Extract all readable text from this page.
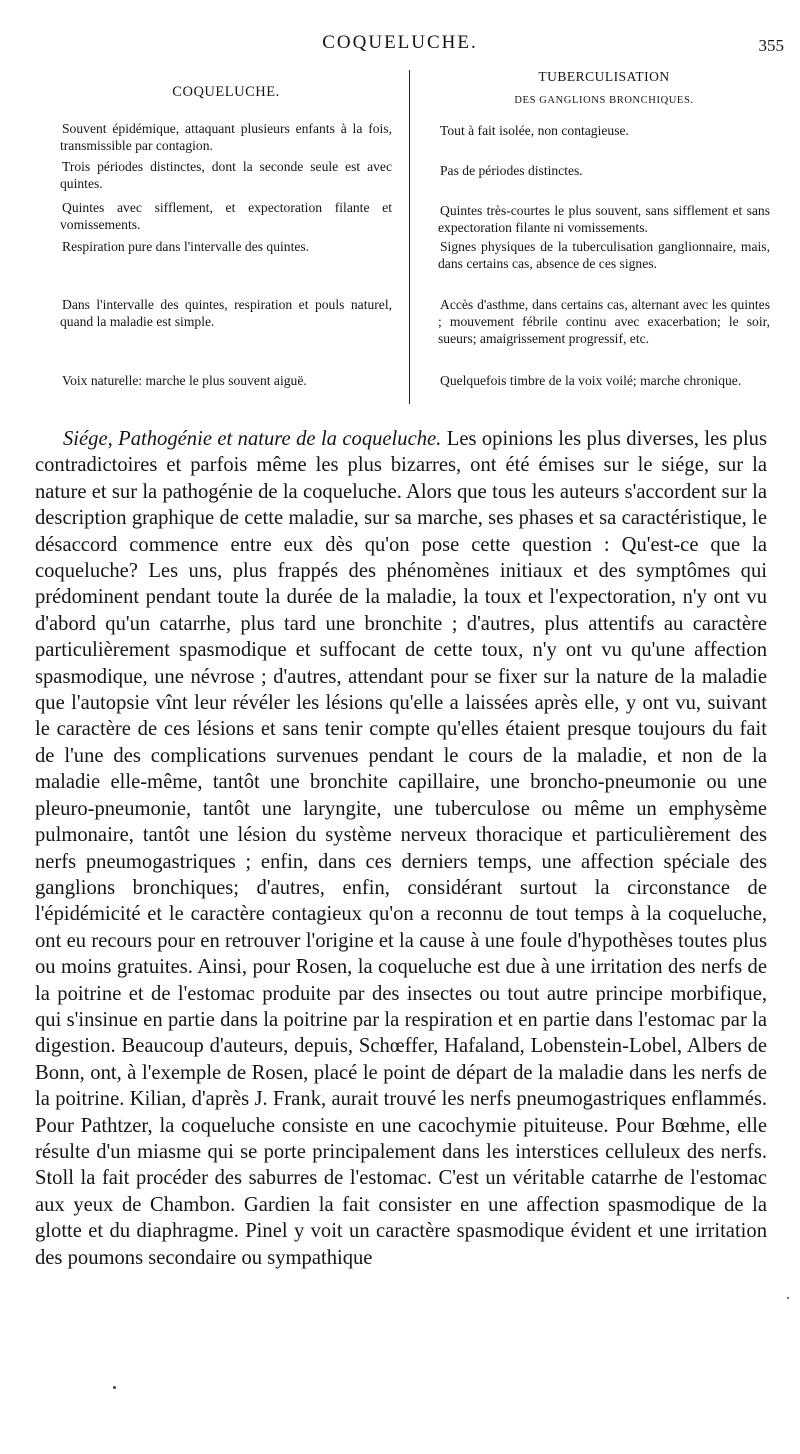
COQUELUCHE.	355
COQUELUCHE.

Souvent épidémique, attaquant plusieurs enfants à la fois, transmissible par contagion.

Trois périodes distinctes, dont la seconde seule est avec quintes.

Quintes avec sifflement, et expectoration filante et vomissements.

Respiration pure dans l'intervalle des quintes.

Dans l'intervalle des quintes, respiration et pouls naturel, quand la maladie est simple.

Voix naturelle: marche le plus souvent aiguë.

TUBERCULISATION
DES GANGLIONS BRONCHIQUES.

Tout à fait isolée, non contagieuse.

Pas de périodes distinctes.

Quintes très-courtes le plus souvent, sans sifflement et sans expectoration filante ni vomissements.

Signes physiques de la tuberculisation ganglionnaire, mais, dans certains cas, absence de ces signes.

Accès d'asthme, dans certains cas, alternant avec les quintes ; mouvement fébrile continu avec exacerbation; le soir, sueurs; amaigrissement progressif, etc.

Quelquefois timbre de la voix voilé; marche chronique.

Siége, Pathogénie et nature de la coqueluche. Les opinions les plus diverses, les plus contradictoires et parfois même les plus bizarres, ont été émises sur le siége, sur la nature et sur la pathogénie de la coqueluche. Alors que tous les auteurs s'accordent sur la description graphique de cette maladie, sur sa marche, ses phases et sa caractéristique, le désaccord commence entre eux dès qu'on pose cette question : Qu'est-ce que la coqueluche? Les uns, plus frappés des phénomènes initiaux et des symptômes qui prédominent pendant toute la durée de la maladie, la toux et l'expectoration, n'y ont vu d'abord qu'un catarrhe, plus tard une bronchite ; d'autres, plus attentifs au caractère particulièrement spasmodique et suffocant de cette toux, n'y ont vu qu'une affection spasmodique, une névrose ; d'autres, attendant pour se fixer sur la nature de la maladie que l'autopsie vînt leur révéler les lésions qu'elle a laissées après elle, y ont vu, suivant le caractère de ces lésions et sans tenir compte qu'elles étaient presque toujours du fait de l'une des complications survenues pendant le cours de la maladie, et non de la maladie elle-même, tantôt une bronchite capillaire, une broncho-pneumonie ou une pleuro-pneumonie, tantôt une laryngite, une tuberculose ou même un emphysème pulmonaire, tantôt une lésion du système nerveux thoracique et particulièrement des nerfs pneumogastriques ; enfin, dans ces derniers temps, une affection spéciale des ganglions bronchiques; d'autres, enfin, considérant surtout la circonstance de l'épidémicité et le caractère contagieux qu'on a reconnu de tout temps à la coqueluche, ont eu recours pour en retrouver l'origine et la cause à une foule d'hypothèses toutes plus ou moins gratuites. Ainsi, pour Rosen, la coqueluche est due à une irritation des nerfs de la poitrine et de l'estomac produite par des insectes ou tout autre principe morbifique, qui s'insinue en partie dans la poitrine par la respiration et en partie dans l'estomac par la digestion. Beaucoup d'auteurs, depuis, Schœffer, Hafaland, Lobenstein-Lobel, Albers de Bonn, ont, à l'exemple de Rosen, placé le point de départ de la maladie dans les nerfs de la poitrine. Kilian, d'après J. Frank, aurait trouvé les nerfs pneumogastriques enflammés. Pour Pathtzer, la coqueluche consiste en une cacochymie pituiteuse. Pour Bœhme, elle résulte d'un miasme qui se porte principalement dans les interstices celluleux des nerfs. Stoll la fait procéder des saburres de l'estomac. C'est un véritable catarrhe de l'estomac aux yeux de Chambon. Gardien la fait consister en une affection spasmodique de la glotte et du diaphragme. Pinel y voit un caractère spasmodique évident et une irritation des poumons secondaire ou sympathique
